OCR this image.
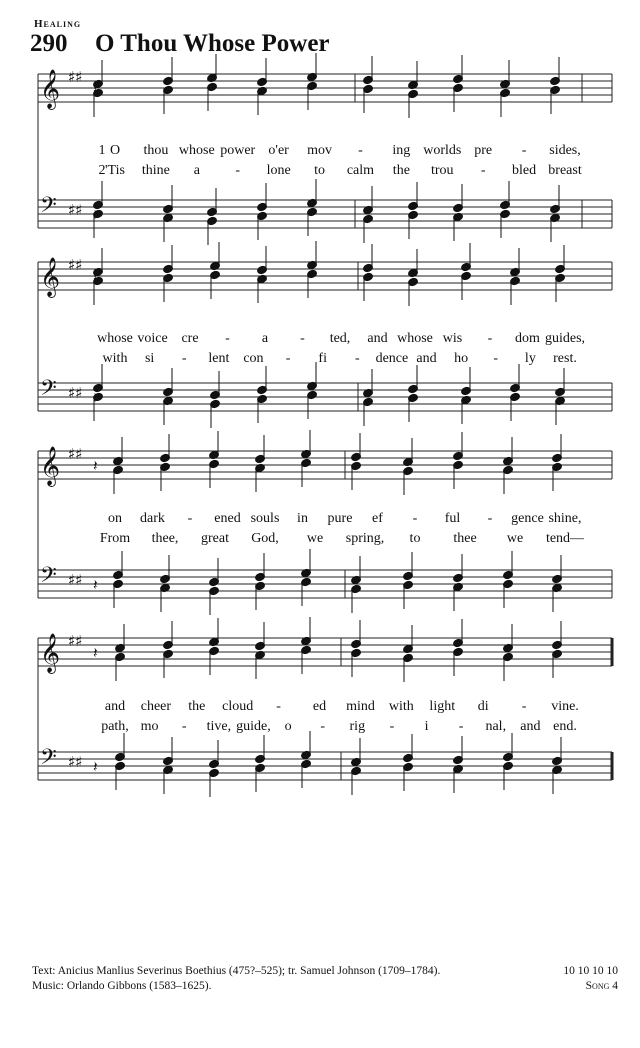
Healing
290 O Thou Whose Power
𝄞 ♯♯
𝄽
𝄢 ♯♯ 𝄽
𝄞 ♯♯
𝄽
𝄢 ♯♯ 𝄽
𝄞 ♯♯
𝄽
𝄢 ♯♯ 𝄽
𝄞 ♯♯
𝄽
𝄢 ♯♯ 𝄽
O thou whose power o'er mov - ing worlds pre - sides,
'Tis thine a	- lone to calm the trou - bled breast
whose voice cre - a - ted, and whose wis - dom guides,
with si - lent con - fi - dence and ho - ly rest.
on dark - ened souls in pure ef - ful - gence shine,
From thee, great God, we spring, to thee we tend—
and cheer the cloud - ed mind with light di - vine.
path, mo - tive, guide, o - rig - i - nal, and end.
1
2
Text: Anicius Manlius Severinus Boethius (475?–525); tr. Samuel Johnson (1709–1784).
Music: Orlando Gibbons (1583–1625).
10 10 10 10
Song 4
